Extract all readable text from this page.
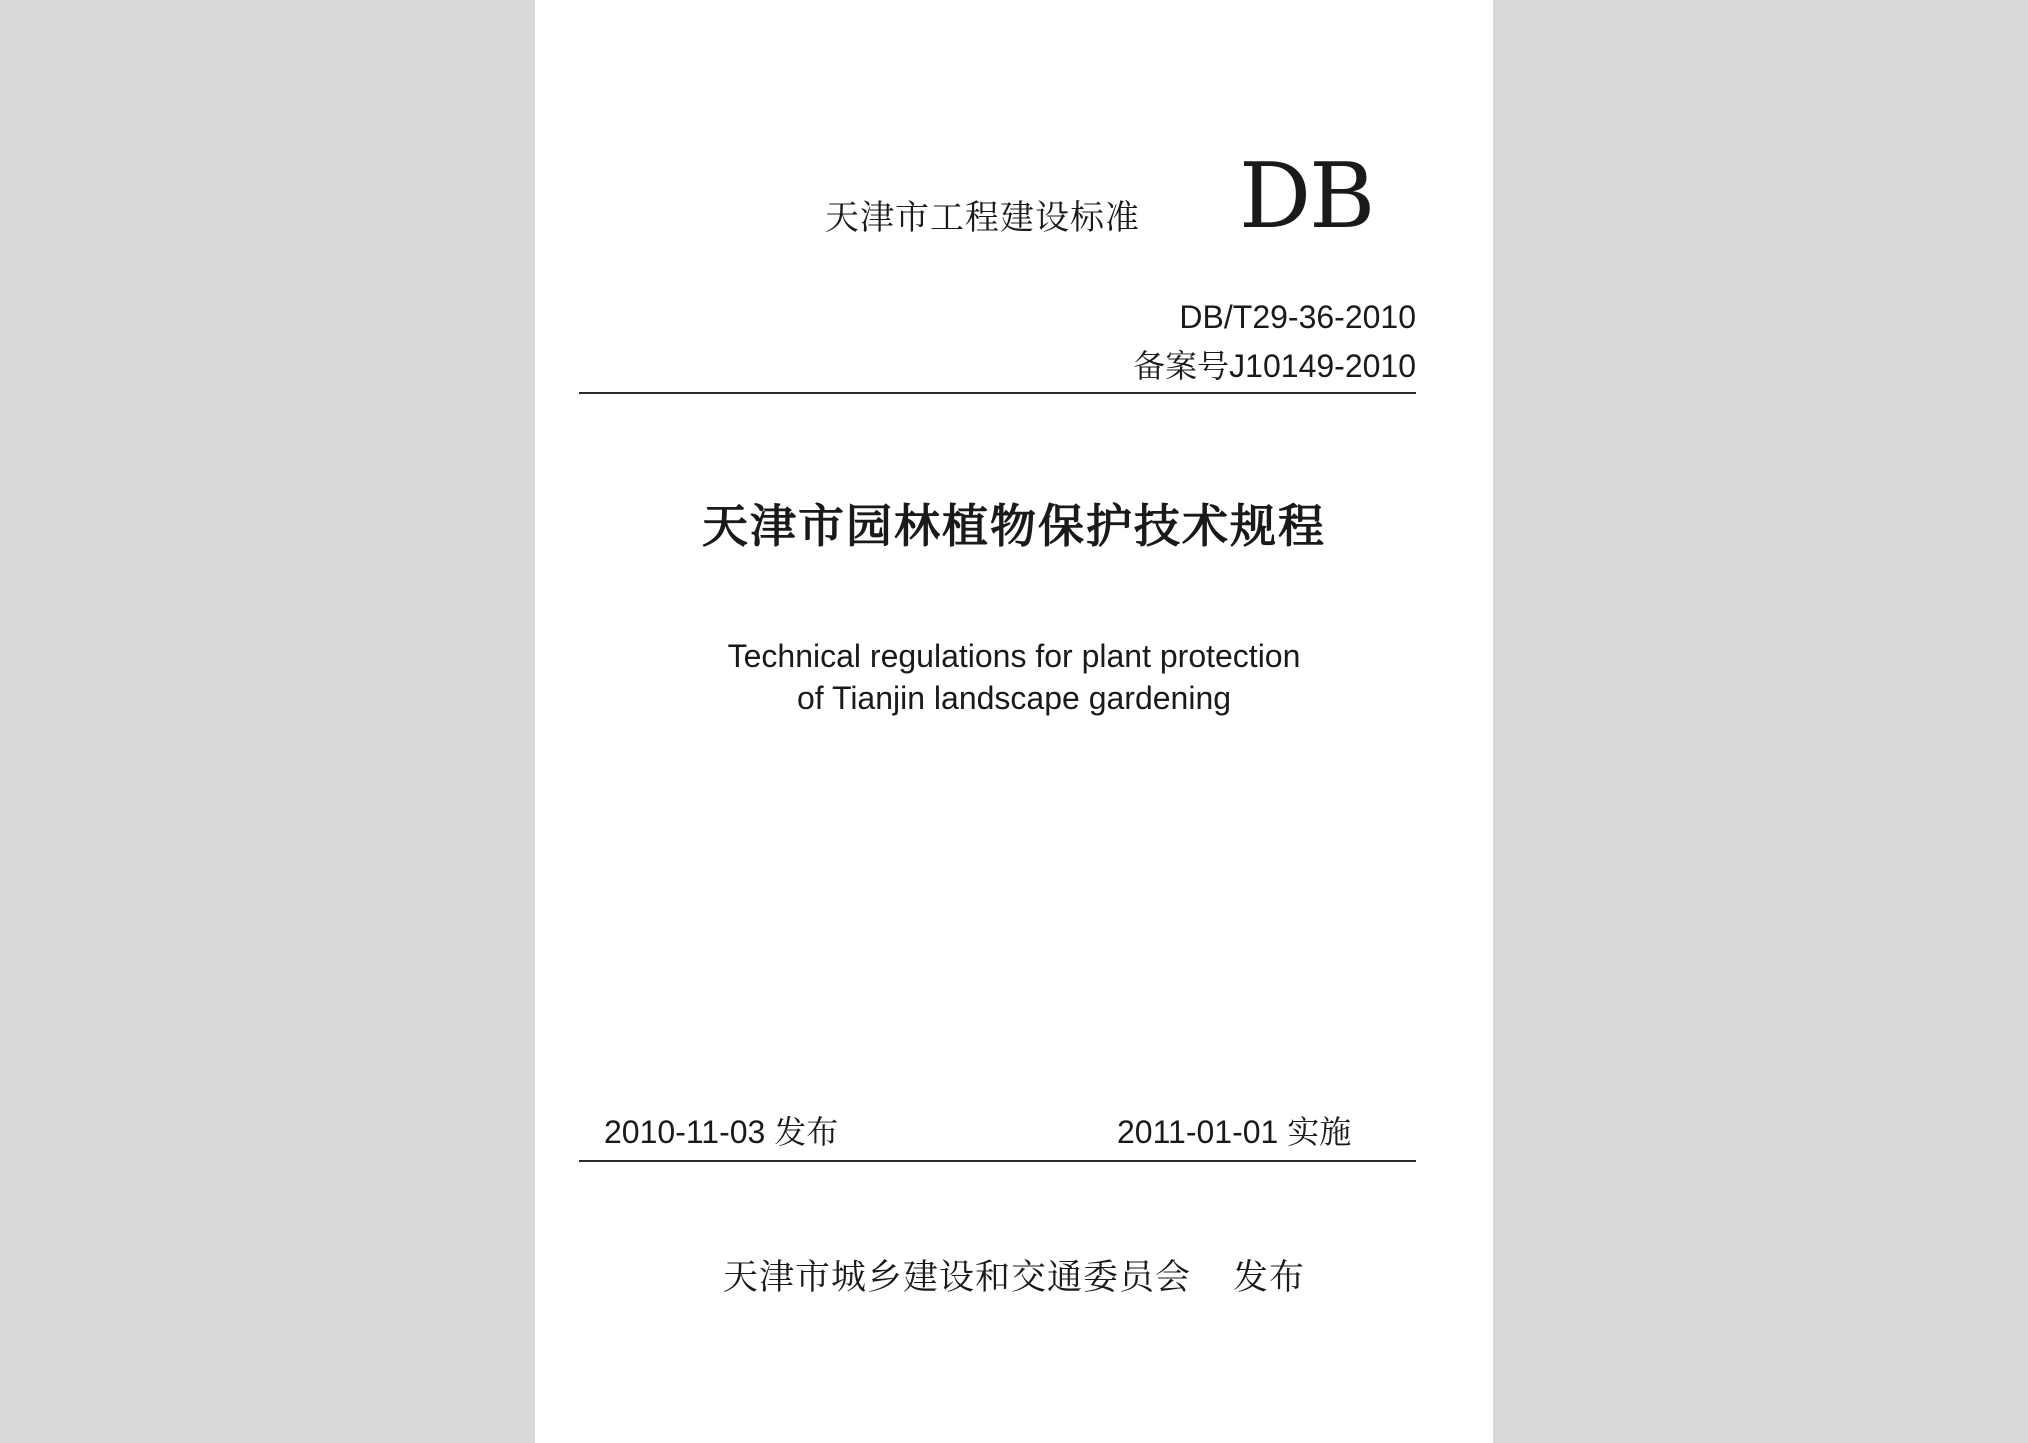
天津市工程建设标准 DB
DB/T29-36-2010
备案号J10149-2010
天津市园林植物保护技术规程
Technical regulations for plant protection
of Tianjin landscape gardening
2010-11-03 发布	2011-01-01 实施
天津市城乡建设和交通委员会 发布
